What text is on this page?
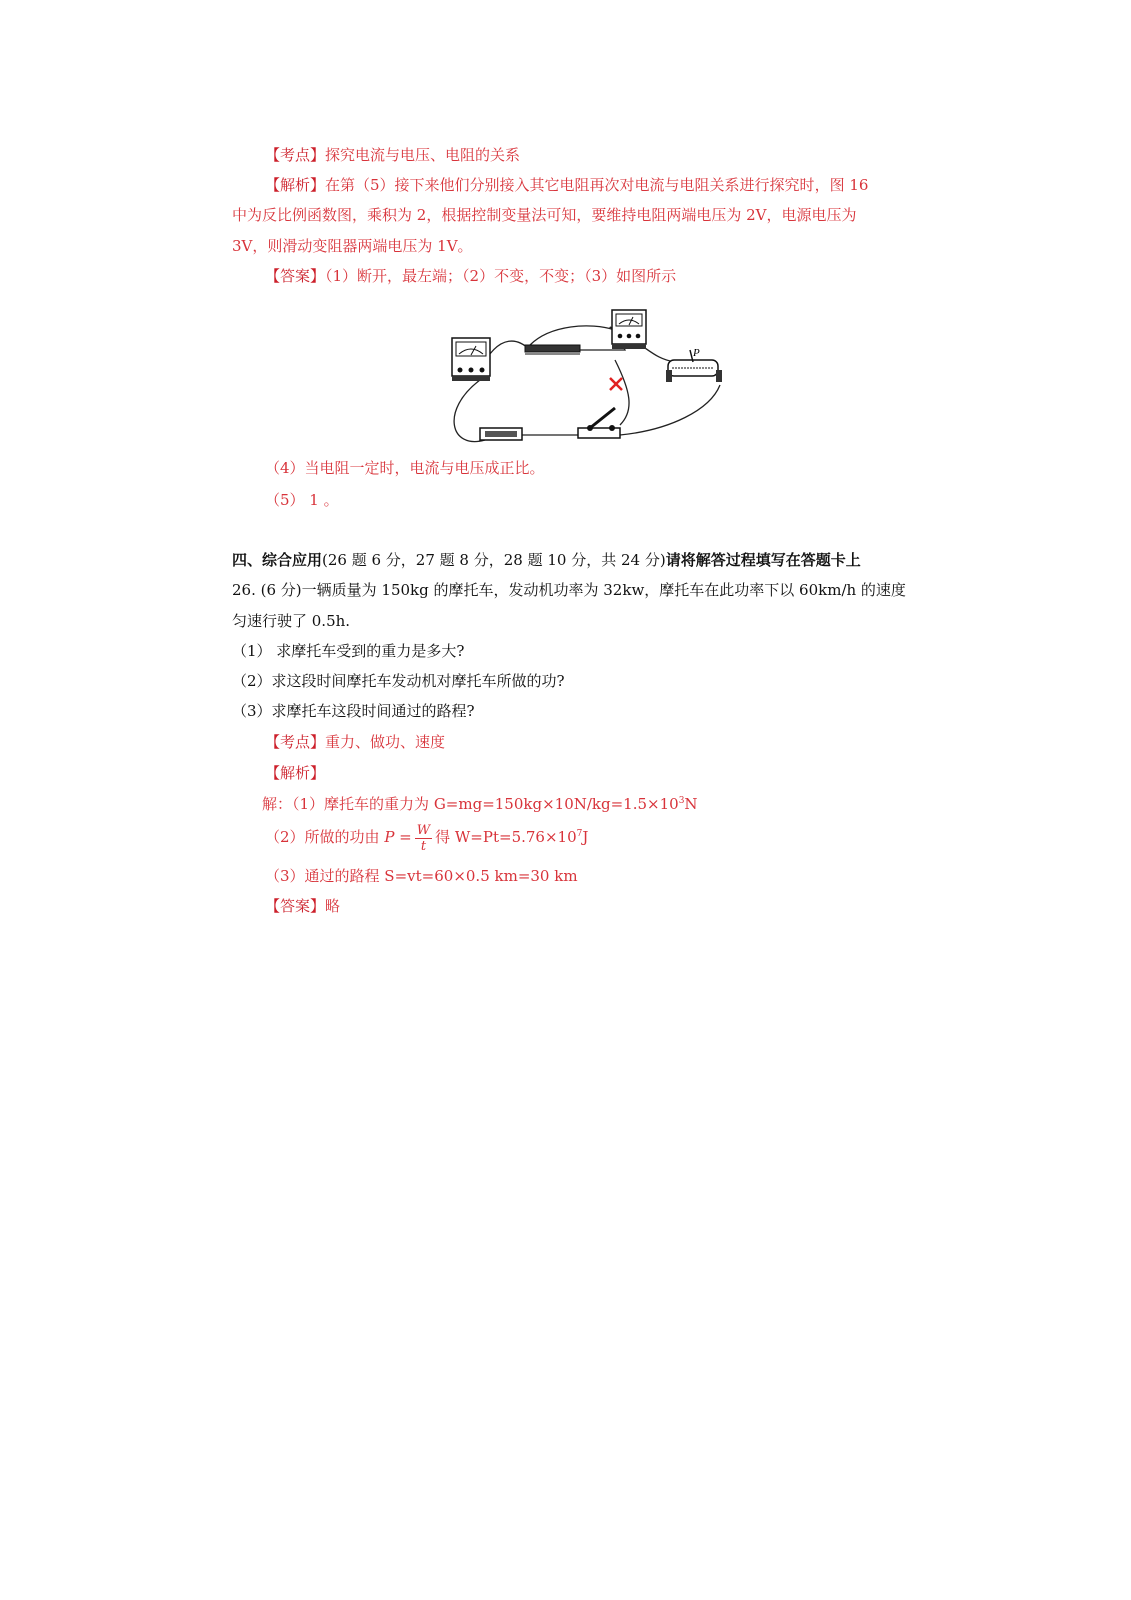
【考点】探究电流与电压、电阻的关系
【解析】在第（5）接下来他们分别接入其它电阻再次对电流与电阻关系进行探究时，图 16
中为反比例函数图，乘积为 2，根据控制变量法可知，要维持电阻两端电压为 2V，电源电压为
3V，则滑动变阻器两端电压为 1V。
【答案】（1）断开，最左端；（2）不变，不变；（3）如图所示
P
（4）当电阻一定时，电流与电压成正比。
（5） 1 。
四、综合应用(26 题 6 分，27 题 8 分，28 题 10 分，共 24 分)请将解答过程填写在答题卡上
26. (6 分)一辆质量为 150kg 的摩托车，发动机功率为 32kw，摩托车在此功率下以 60km/h 的速度
匀速行驶了 0.5h.
（1） 求摩托车受到的重力是多大?
（2）求这段时间摩托车发动机对摩托车所做的功?
（3）求摩托车这段时间通过的路程?
【考点】重力、做功、速度
【解析】
解：（1）摩托车的重力为 $G=mg=150kg\times 10N/kg=1.5\times 10^3N$
（2）所做的功由 $P = \frac{W}{t}$ 得 $W=Pt=5.76\times 10^7J$
（3）通过的路程 S=vt=60×0.5 km=30 km
【答案】略
